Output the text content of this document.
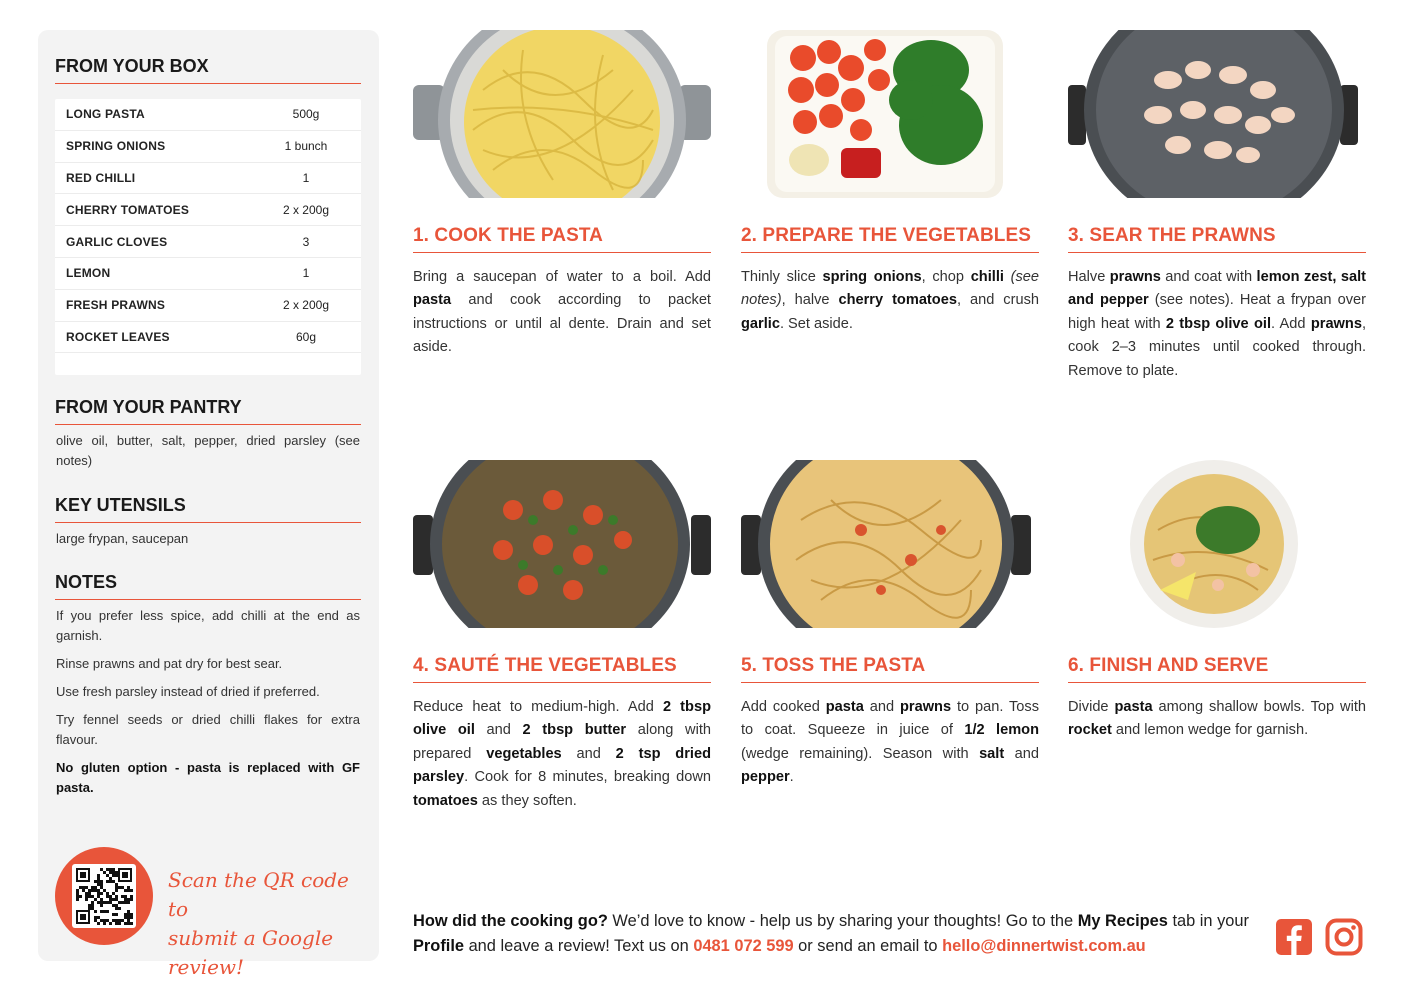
FROM YOUR BOX
LONG PASTA	500g
SPRING ONIONS	1 bunch
RED CHILLI	1
CHERRY TOMATOES	2 x 200g
GARLIC CLOVES	3
LEMON	1
FRESH PRAWNS	2 x 200g
ROCKET LEAVES	60g
FROM YOUR PANTRY
olive oil, butter, salt, pepper, dried parsley (see notes)
KEY UTENSILS
large frypan, saucepan
NOTES

If you prefer less spice, add chilli at the end as garnish.

Rinse prawns and pat dry for best sear.

Use fresh parsley instead of dried if preferred.

Try fennel seeds or dried chilli flakes for extra flavour.

No gluten option - pasta is replaced with GF pasta.

Scan the QR code to
submit a Google review!
1. COOK THE PASTA
Bring a saucepan of water to a boil. Add pasta and cook according to packet instructions or until al dente. Drain and set aside.
2. PREPARE THE VEGETABLES
Thinly slice spring onions, chop chilli (see notes), halve cherry tomatoes, and crush garlic. Set aside.
3. SEAR THE PRAWNS
Halve prawns and coat with lemon zest, salt and pepper (see notes). Heat a frypan over high heat with 2 tbsp olive oil. Add prawns, cook 2–3 minutes until cooked through. Remove to plate.
4. SAUTÉ THE VEGETABLES
Reduce heat to medium-high. Add 2 tbsp olive oil and 2 tbsp butter along with prepared vegetables and 2 tsp dried parsley. Cook for 8 minutes, breaking down tomatoes as they soften.
5. TOSS THE PASTA
Add cooked pasta and prawns to pan. Toss to coat. Squeeze in juice of 1/2 lemon (wedge remaining). Season with salt and pepper.
6. FINISH AND SERVE
Divide pasta among shallow bowls. Top with rocket and lemon wedge for garnish.
How did the cooking go? We’d love to know - help us by sharing your thoughts! Go to the My Recipes tab in your Profile and leave a review! Text us on 0481 072 599 or send an email to hello@dinnertwist.com.au
